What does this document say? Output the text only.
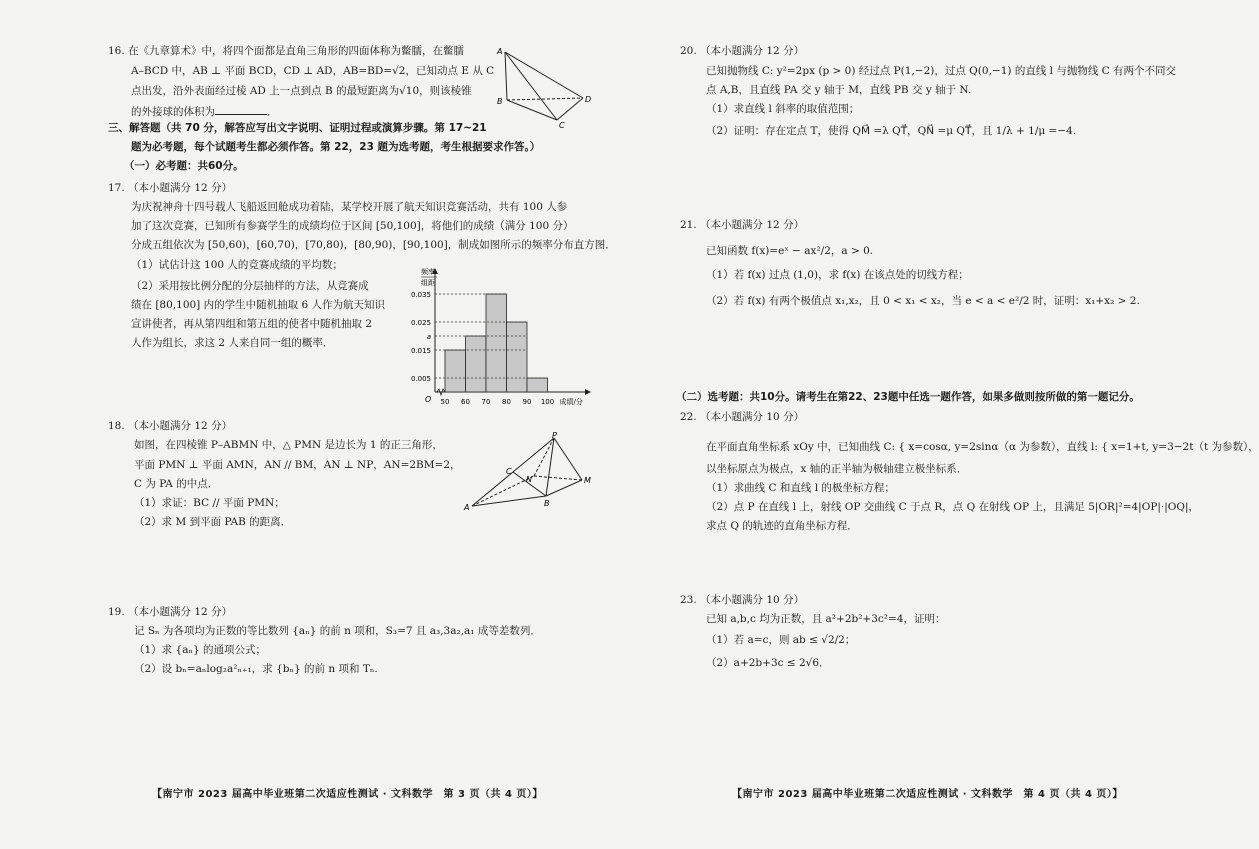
16. 在《九章算术》中，将四个面都是直角三角形的四面体称为鳖臑，在鳖臑
A–BCD 中，AB ⊥ 平面 BCD，CD ⊥ AD，AB=BD=√2，已知动点 E 从 C
点出发，沿外表面经过棱 AD 上一点到点 B 的最短距离为√10，则该棱锥
的外接球的体积为	．
A
B
C
D
三、解答题（共 70 分，解答应写出文字说明、证明过程或演算步骤。第 17~21
题为必考题，每个试题考生都必须作答。第 22，23 题为选考题，考生根据要求作答。）
（一）必考题：共60分。
17. （本小题满分 12 分）
为庆祝神舟十四号载人飞船返回舱成功着陆，某学校开展了航天知识竞赛活动，共有 100 人参
加了这次竞赛，已知所有参赛学生的成绩均位于区间 [50,100]，将他们的成绩（满分 100 分）
分成五组依次为 [50,60)，[60,70)，[70,80)，[80,90)，[90,100]，制成如图所示的频率分布直方图．
（1）试估计这 100 人的竞赛成绩的平均数；
（2）采用按比例分配的分层抽样的方法，从竞赛成
绩在 [80,100] 内的学生中随机抽取 6 人作为航天知识
宣讲使者，再从第四组和第五组的使者中随机抽取 2
人作为组长，求这 2 人来自同一组的概率．
0.035
0.025
a
0.015
0.005
50 60 70 80 90 100
O	成绩/分
频率
组距
18. （本小题满分 12 分）
如图，在四棱锥 P–ABMN 中，△ PMN 是边长为 1 的正三角形，
平面 PMN ⊥ 平面 AMN，AN // BM，AN ⊥ NP，AN=2BM=2，
C 为 PA 的中点．
（1）求证：BC // 平面 PMN；
（2）求 M 到平面 PAB 的距离．
P
C
N	M
B
A
19. （本小题满分 12 分）
记 Sₙ 为各项均为正数的等比数列 {aₙ} 的前 n 项和，S₃=7 且 a₃,3a₂,a₁ 成等差数列．
（1）求 {aₙ} 的通项公式；
（2）设 bₙ=aₙlog₂a²ₙ₊₁，求 {bₙ} 的前 n 项和 Tₙ.
【南宁市 2023 届高中毕业班第二次适应性测试 · 文科数学　第 3 页（共 4 页）】
20. （本小题满分 12 分）
已知抛物线 C: y²=2px (p > 0) 经过点 P(1,−2)，过点 Q(0,−1) 的直线 l 与抛物线 C 有两个不同交
点 A,B，且直线 PA 交 y 轴于 M，直线 PB 交 y 轴于 N.
（1）求直线 l 斜率的取值范围；
（2）证明：存在定点 T，使得 QM⃗ =λ QT⃗，QN⃗ =μ QT⃗，且 1/λ + 1/μ =−4.
21. （本小题满分 12 分）
已知函数 f(x)=eˣ − ax²/2，a > 0.
（1）若 f(x) 过点 (1,0)，求 f(x) 在该点处的切线方程；
（2）若 f(x) 有两个极值点 x₁,x₂，且 0 < x₁ < x₂，当 e < a < e²/2 时，证明：x₁+x₂ > 2.
（二）选考题：共10分。请考生在第22、23题中任选一题作答，如果多做则按所做的第一题记分。
22. （本小题满分 10 分）
在平面直角坐标系 xOy 中，已知曲线 C: { x=cosα, y=2sinα（α 为参数），直线 l: { x=1+t, y=3−2t（t 为参数），
以坐标原点为极点，x 轴的正半轴为极轴建立极坐标系．
（1）求曲线 C 和直线 l 的极坐标方程；
（2）点 P 在直线 l 上，射线 OP 交曲线 C 于点 R，点 Q 在射线 OP 上，且满足 5|OR|²=4|OP|·|OQ|，
求点 Q 的轨迹的直角坐标方程．
23. （本小题满分 10 分）
已知 a,b,c 均为正数，且 a²+2b²+3c²=4，证明：
（1）若 a=c，则 ab ≤ √2/2；
（2）a+2b+3c ≤ 2√6．
【南宁市 2023 届高中毕业班第二次适应性测试 · 文科数学　第 4 页（共 4 页）】
